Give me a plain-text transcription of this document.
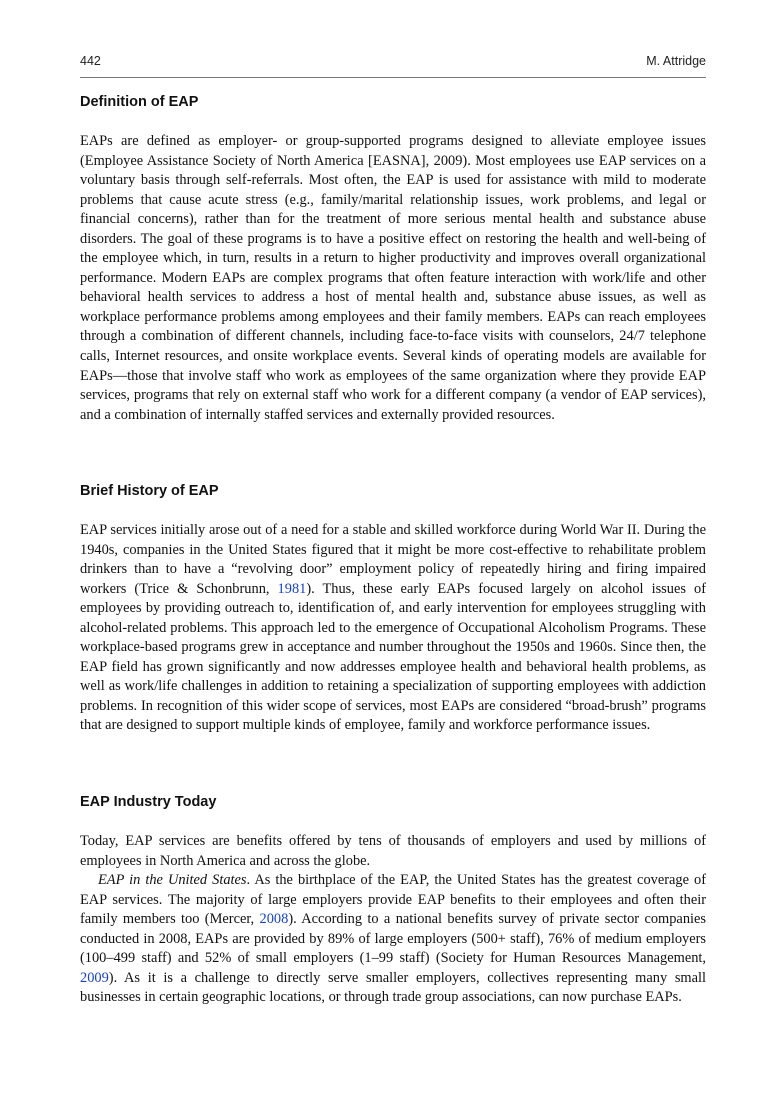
442	M. Attridge
Definition of EAP

EAPs are defined as employer- or group-supported programs designed to alleviate employee issues (Employee Assistance Society of North America [EASNA], 2009). Most employees use EAP services on a voluntary basis through self-referrals. Most often, the EAP is used for assistance with mild to moderate problems that cause acute stress (e.g., family/marital relationship issues, work problems, and legal or financial concerns), rather than for the treatment of more serious mental health and substance abuse disorders. The goal of these programs is to have a positive effect on restoring the health and well-being of the employee which, in turn, results in a return to higher productivity and improves overall organizational performance. Modern EAPs are complex programs that often feature interaction with work/life and other behavioral health services to address a host of mental health and, substance abuse issues, as well as workplace performance problems among employees and their family members. EAPs can reach employees through a combination of different channels, including face-to-face visits with counselors, 24/7 telephone calls, Internet resources, and onsite workplace events. Several kinds of operating models are available for EAPs—those that involve staff who work as employees of the same organization where they provide EAP services, programs that rely on external staff who work for a different company (a vendor of EAP services), and a combination of internally staffed services and externally provided resources.

Brief History of EAP

EAP services initially arose out of a need for a stable and skilled workforce during World War II. During the 1940s, companies in the United States figured that it might be more cost-effective to rehabilitate problem drinkers than to have a “revolving door” employment policy of repeatedly hiring and firing impaired workers (Trice & Schonbrunn, 1981). Thus, these early EAPs focused largely on alcohol issues of employees by providing outreach to, identification of, and early intervention for employees struggling with alcohol-related problems. This approach led to the emergence of Occupational Alcoholism Programs. These workplace-based programs grew in acceptance and number throughout the 1950s and 1960s. Since then, the EAP field has grown significantly and now addresses employee health and behavioral health problems, as well as work/life challenges in addition to retaining a specialization of supporting employees with addiction problems. In recognition of this wider scope of services, most EAPs are considered “broad-brush” programs that are designed to support multiple kinds of employee, family and workforce performance issues.

EAP Industry Today

Today, EAP services are benefits offered by tens of thousands of employers and used by millions of employees in North America and across the globe.

EAP in the United States. As the birthplace of the EAP, the United States has the greatest coverage of EAP services. The majority of large employers provide EAP benefits to their employees and often their family members too (Mercer, 2008). According to a national benefits survey of private sector companies conducted in 2008, EAPs are provided by 89% of large employers (500+ staff), 76% of medium employers (100–499 staff) and 52% of small employers (1–99 staff) (Society for Human Resources Management, 2009). As it is a challenge to directly serve smaller employers, collectives representing many small businesses in certain geographic locations, or through trade group associations, can now purchase EAPs.
